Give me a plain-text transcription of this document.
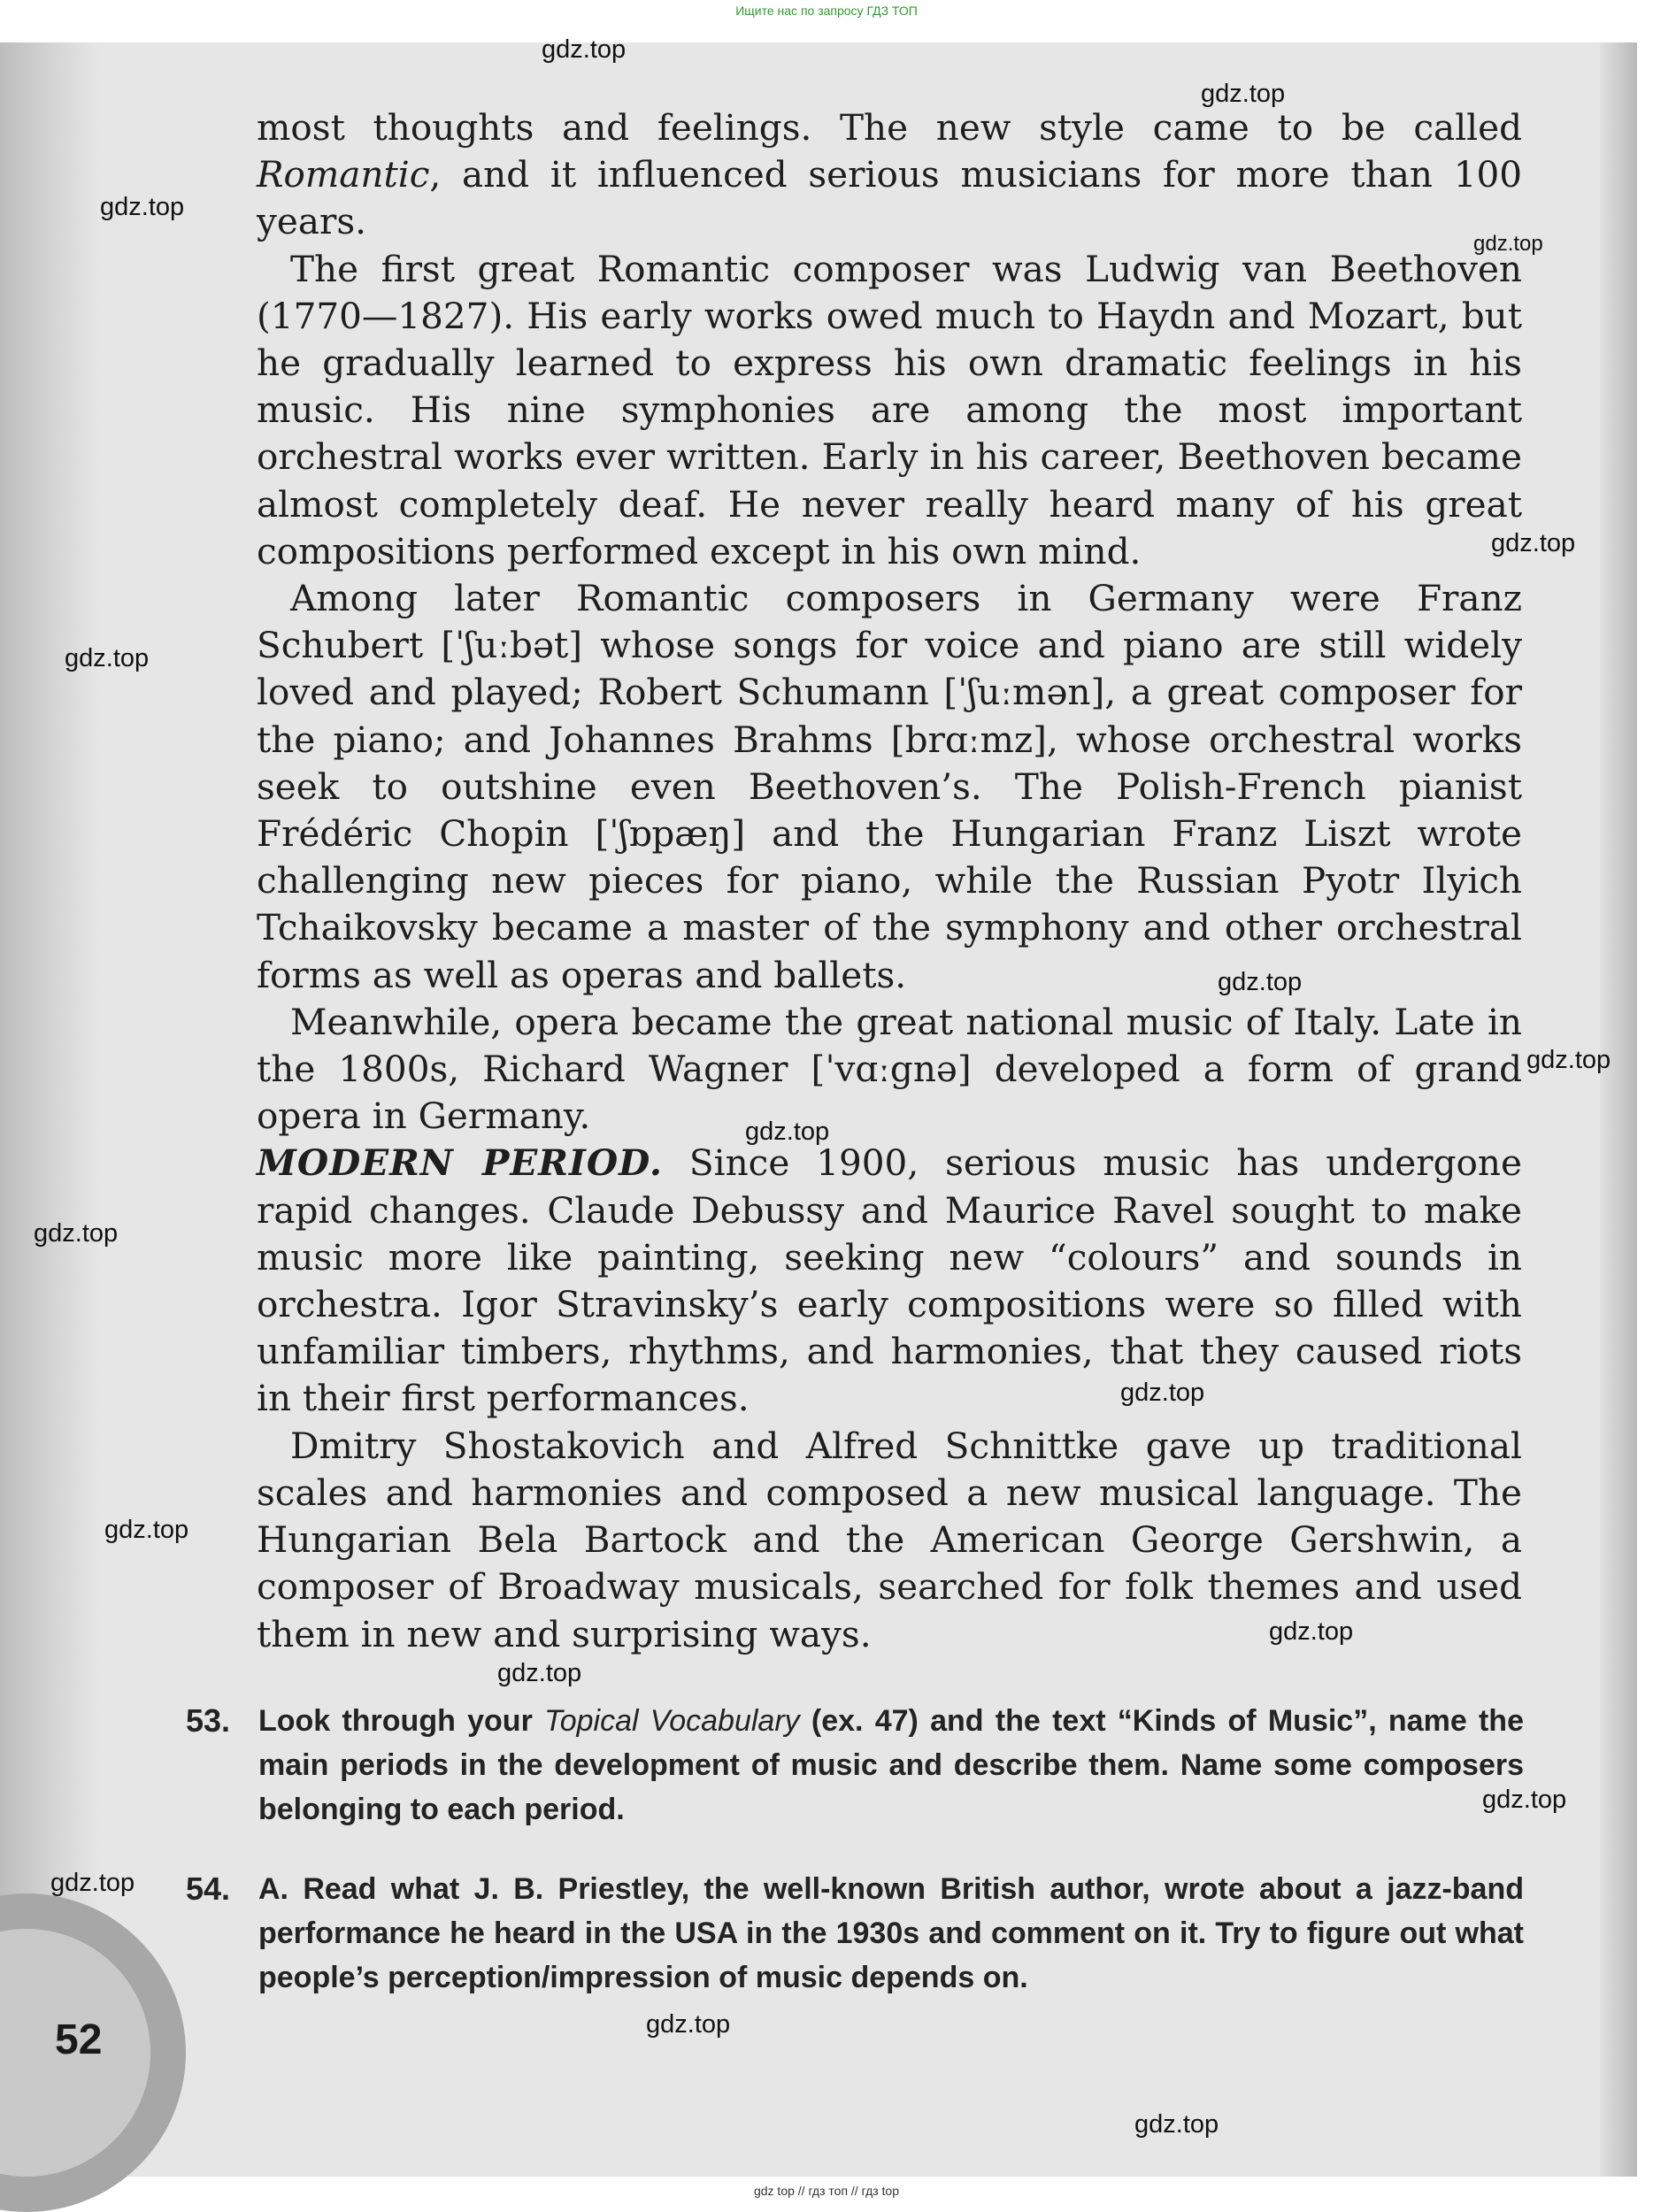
Ищите нас по запросу ГДЗ ТОП
52

most thoughts and feelings. The new style came to be called Romantic, and it influenced serious musicians for more than 100 years.

The first great Romantic composer was Ludwig van Beethoven (1770—1827). His early works owed much to Haydn and Mozart, but he gradually learned to express his own dramatic feelings in his music. His nine symphonies are among the most important orchestral works ever written. Early in his career, Beethoven became almost completely deaf. He never really heard many of his great compositions performed except in his own mind.

Among later Romantic composers in Germany were Franz Schubert [ˈʃuːbət] whose songs for voice and piano are still widely loved and played; Robert Schumann [ˈʃuːmən], a great composer for the piano; and Johannes Brahms [brɑːmz], whose orchestral works seek to outshine even Beethoven’s. The Polish-French pianist Frédéric Chopin [ˈʃɒpæŋ] and the Hungarian Franz Liszt wrote challenging new pieces for piano, while the Russian Pyotr Ilyich Tchaikovsky became a master of the symphony and other orchestral forms as well as operas and ballets.

Meanwhile, opera became the great national music of Italy. Late in the 1800s, Richard Wagner [ˈvɑːgnə] developed a form of grand opera in Germany.

MODERN PERIOD. Since 1900, serious music has undergone rapid changes. Claude Debussy and Maurice Ravel sought to make music more like painting, seeking new “colours” and sounds in orchestra. Igor Stravinsky’s early compositions were so filled with unfamiliar timbers, rhythms, and harmonies, that they caused riots in their first performances.

Dmitry Shostakovich and Alfred Schnittke gave up traditional scales and harmonies and composed a new musical language. The Hungarian Bela Bartock and the American George Gershwin, a composer of Broadway musicals, searched for folk themes and used them in new and surprising ways.

53. Look through your Topical Vocabulary (ex. 47) and the text “Kinds of Music”, name the main periods in the development of music and describe them. Name some composers belonging to each period.
54. A. Read what J. B. Priestley, the well-known British author, wrote about a jazz-band performance he heard in the USA in the 1930s and comment on it. Try to figure out what people’s perception/impression of music depends on.
gdz.top
gdz.top
gdz.top
gdz.top
gdz.top
gdz.top
gdz.top
gdz.top
gdz.top
gdz.top
gdz.top
gdz.top
gdz.top
gdz.top
gdz.top
gdz.top
gdz.top
gdz.top
gdz top // гдз топ // гдз top
